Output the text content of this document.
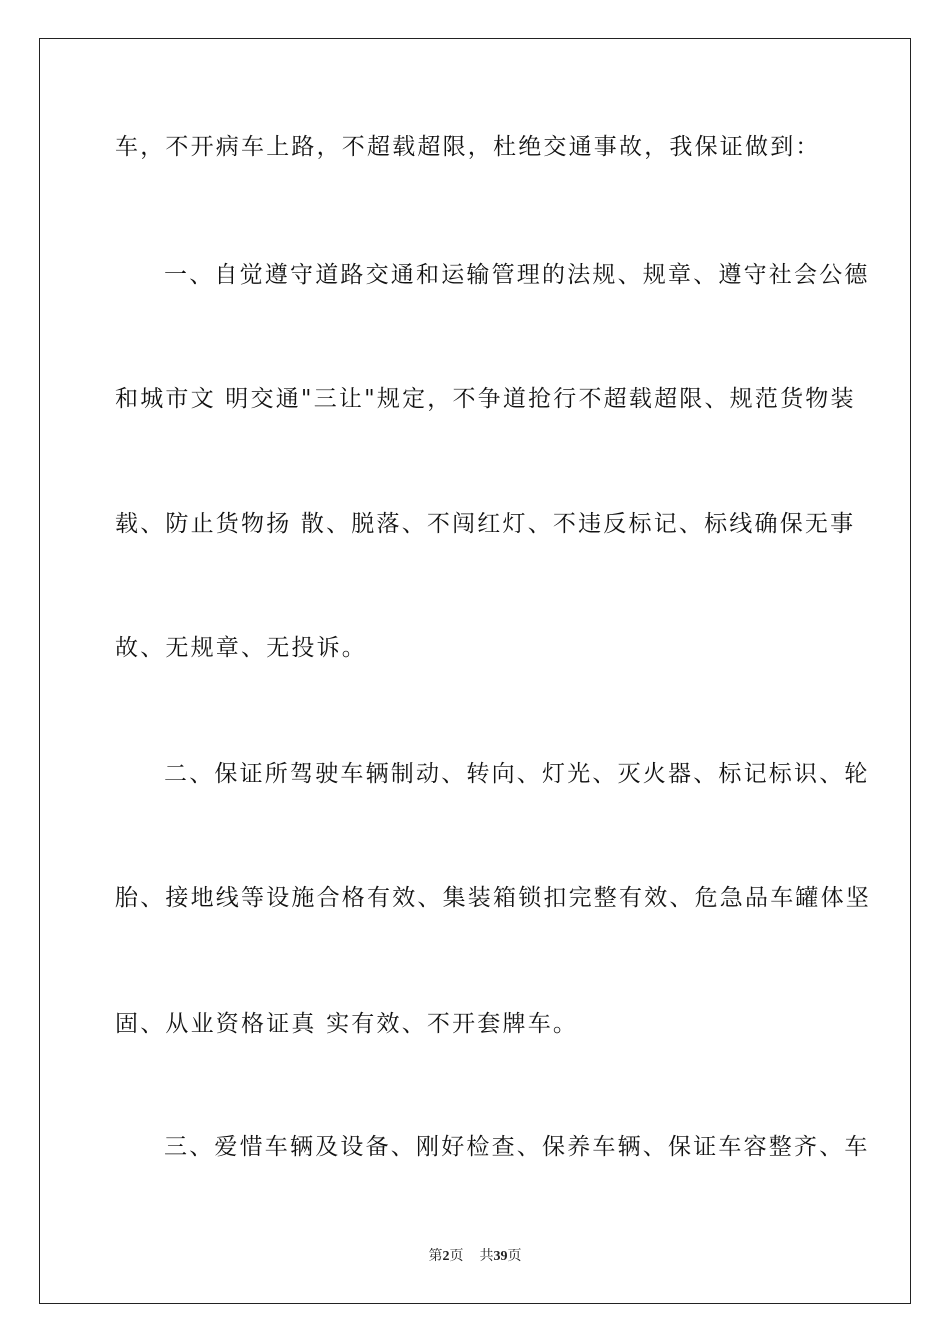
车，不开病车上路，不超载超限，杜绝交通事故，我保证做到：
一、自觉遵守道路交通和运输管理的法规、规章、遵守社会公德
和城市文 明交通"三让"规定，不争道抢行不超载超限、规范货物装
载、防止货物扬 散、脱落、不闯红灯、不违反标记、标线确保无事
故、无规章、无投诉。
二、保证所驾驶车辆制动、转向、灯光、灭火器、标记标识、轮
胎、接地线等设施合格有效、集装箱锁扣完整有效、危急品车罐体坚
固、从业资格证真 实有效、不开套牌车。
三、爱惜车辆及设备、刚好检查、保养车辆、保证车容整齐、车
第2页 共39页
